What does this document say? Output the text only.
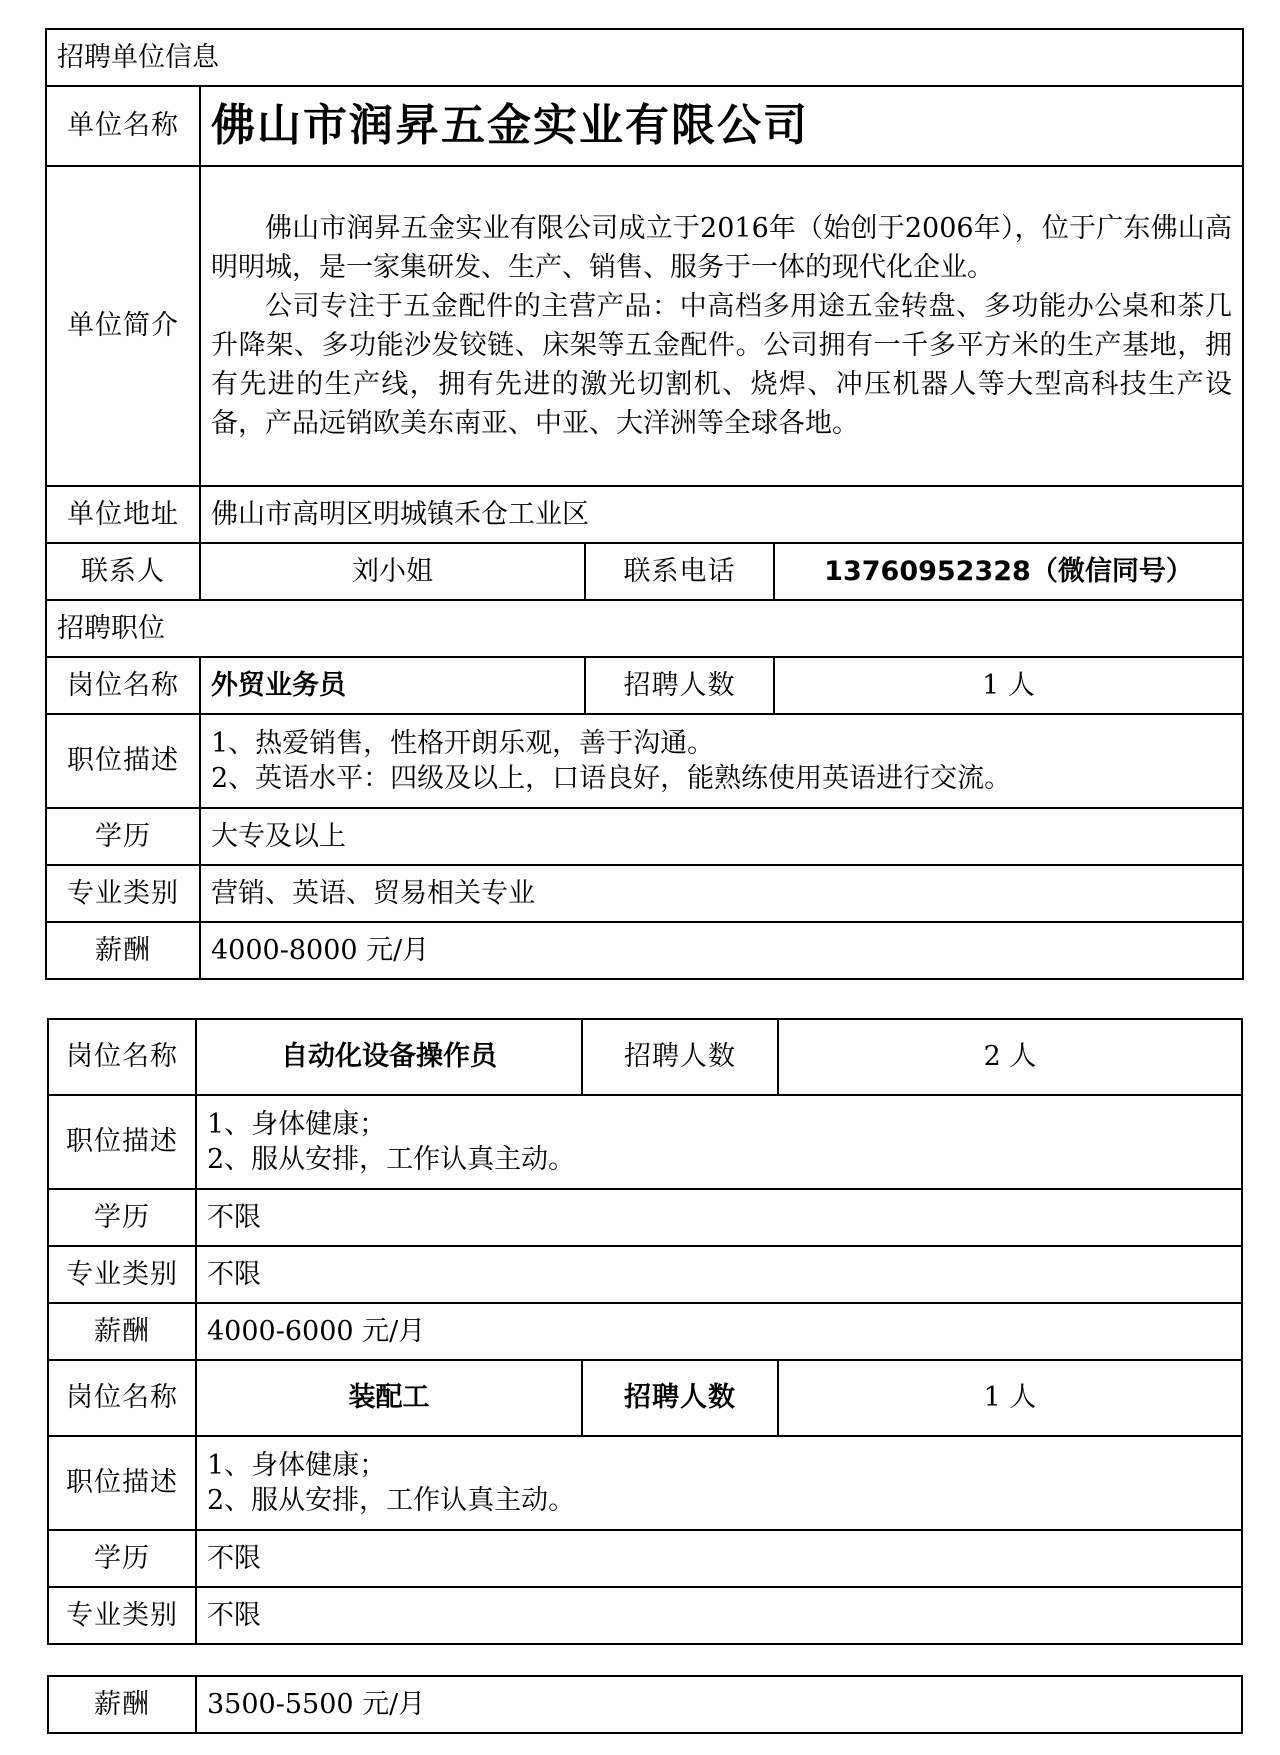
招聘单位信息			
单位名称	佛山市润昇五金实业有限公司		
单位简介	佛山市润昇五金实业有限公司成立于2016年（始创于2006年），位于广东佛山高明明城，是一家集研发、生产、销售、服务于一体的现代化企业。

公司专注于五金配件的主营产品：中高档多用途五金转盘、多功能办公桌和茶几升降架、多功能沙发铰链、床架等五金配件。公司拥有一千多平方米的生产基地，拥有先进的生产线，拥有先进的激光切割机、烧焊、冲压机器人等大型高科技生产设备，产品远销欧美东南亚、中亚、大洋洲等全球各地。		

单位地址	佛山市高明区明城镇禾仓工业区		
联系人	刘小姐	联系电话	13760952328（微信同号）
招聘职位			
岗位名称	外贸业务员	招聘人数	1 人
职位描述	1、热爱销售，性格开朗乐观，善于沟通。
2、英语水平：四级及以上，口语良好，能熟练使用英语进行交流。		

学历	大专及以上		
专业类别	营销、英语、贸易相关专业		
薪酬	4000-8000 元/月		
岗位名称	自动化设备操作员	招聘人数	2 人
职位描述	1、身体健康；
2、服从安排，工作认真主动。		

学历	不限		
专业类别	不限		
薪酬	4000-6000 元/月		
岗位名称	装配工	招聘人数	1 人
职位描述	1、身体健康；
2、服从安排，工作认真主动。		

学历	不限		
专业类别	不限		
薪酬	3500-5500 元/月
